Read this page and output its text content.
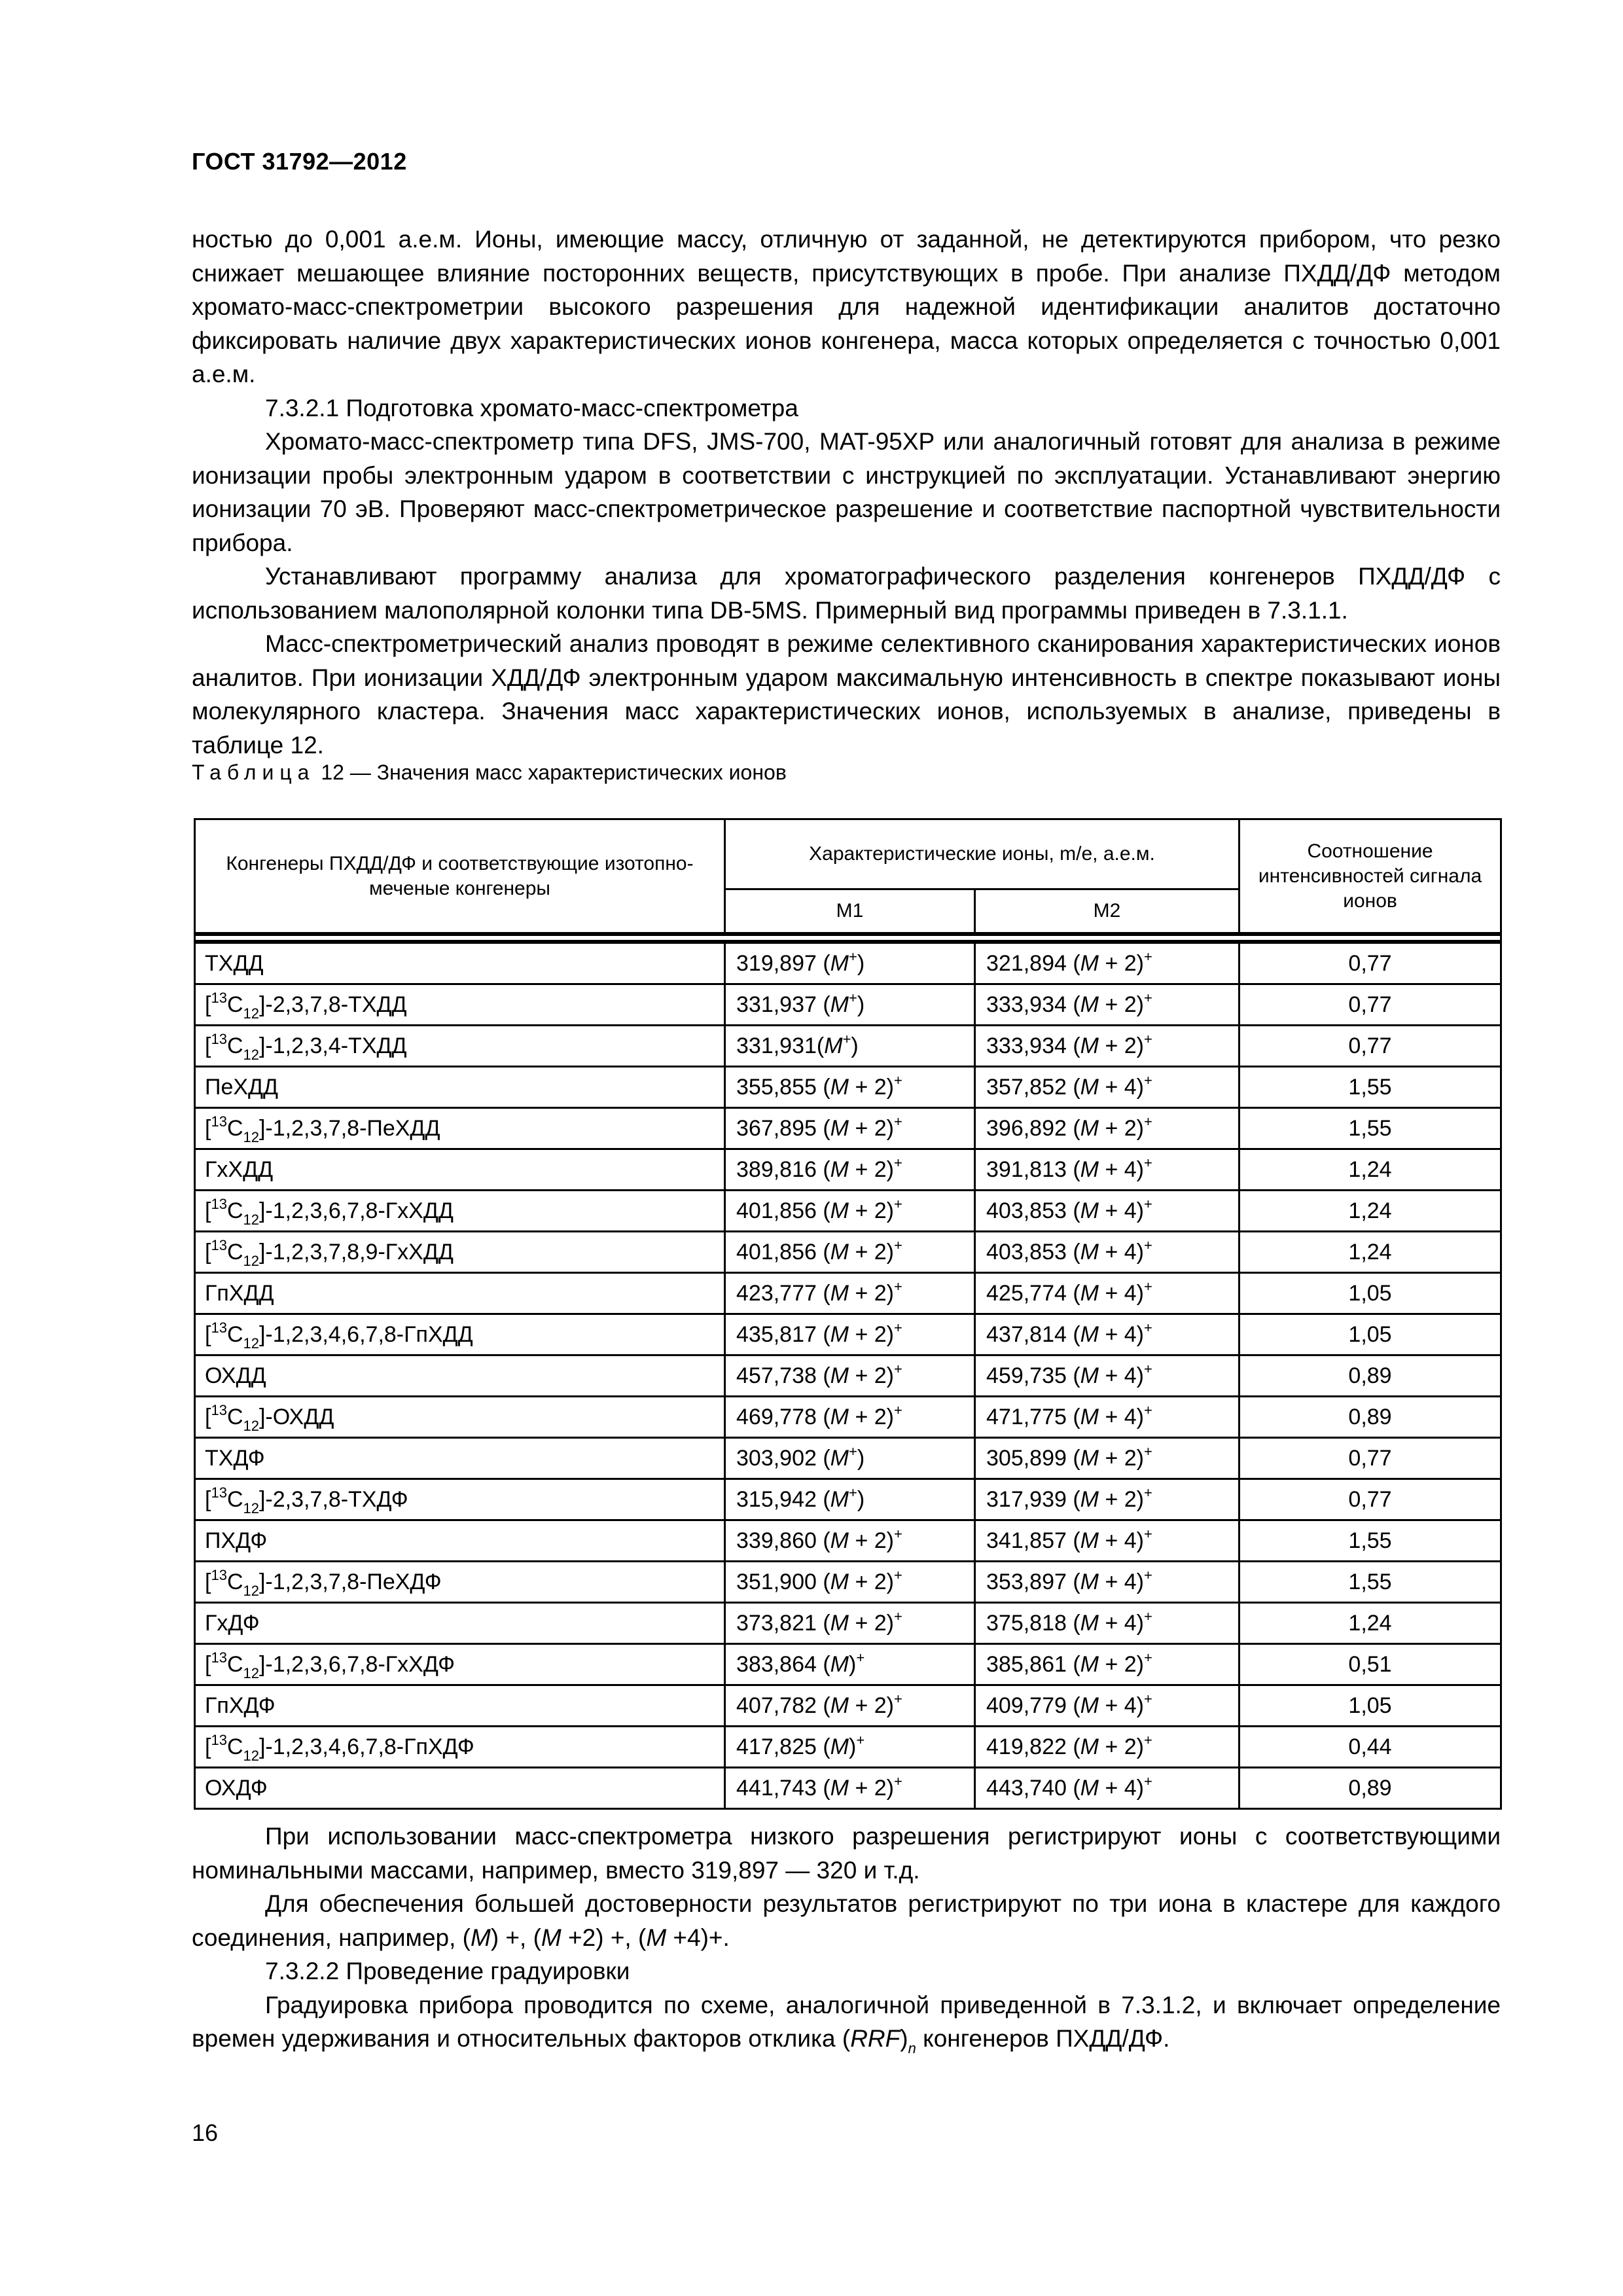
ГОСТ 31792—2012

ностью до 0,001 а.е.м. Ионы, имеющие массу, отличную от заданной, не детектируются прибором, что резко снижает мешающее влияние посторонних веществ, присутствующих в пробе. При анализе ПХДД/ДФ методом хромато-масс-спектрометрии высокого разрешения для надежной идентификации аналитов достаточно фиксировать наличие двух характеристических ионов конгенера, масса которых определяется с точностью 0,001 а.е.м.

7.3.2.1 Подготовка хромато-масс-спектрометра

Хромато-масс-спектрометр типа DFS, JMS-700, MAT-95XP или аналогичный готовят для анализа в режиме ионизации пробы электронным ударом в соответствии с инструкцией по эксплуатации. Устанавливают энергию ионизации 70 эВ. Проверяют масс-спектрометрическое разрешение и соответствие паспортной чувствительности прибора.

Устанавливают программу анализа для хроматографического разделения конгенеров ПХДД/ДФ с использованием малополярной колонки типа DB-5MS. Примерный вид программы приведен в 7.3.1.1.

Масс-спектрометрический анализ проводят в режиме селективного сканирования характеристических ионов аналитов. При ионизации ХДД/ДФ электронным ударом максимальную интенсивность в спектре показывают ионы молекулярного кластера. Значения масс характеристических ионов, используемых в анализе, приведены в таблице 12.

Таблица 12 — Значения масс характеристических ионов
Конгенеры ПХДД/ДФ и соответствующие изотопно-меченые конгенеры	Характеристические ионы, m/e, а.е.м.		Соотношение интенсивностей сигнала ионов
	М1	М2	

ТХДД	319,897 (M+)	321,894 (M + 2)+	0,77
$[^{13}C_{12}]-2,3,7,8$-ТХДД	331,937 (M+)	333,934 (M + 2)+	0,77
$[^{13}C_{12}]-1,2,3,4$-ТХДД	331,931(M+)	333,934 (M + 2)+	0,77
ПеХДД	355,855 (M + 2)+	357,852 (M + 4)+	1,55
$[^{13}C_{12}]-1,2,3,7,8$-ПеХДД	367,895 (M + 2)+	396,892 (M + 2)+	1,55
ГхХДД	389,816 (M + 2)+	391,813 (M + 4)+	1,24
$[^{13}C_{12}]-1,2,3,6,7,8$-ГхХДД	401,856 (M + 2)+	403,853 (M + 4)+	1,24
$[^{13}C_{12}]-1,2,3,7,8,9$-ГхХДД	401,856 (M + 2)+	403,853 (M + 4)+	1,24
ГпХДД	423,777 (M + 2)+	425,774 (M + 4)+	1,05
$[^{13}C_{12}]-1,2,3,4,6,7,8$-ГпХДД	435,817 (M + 2)+	437,814 (M + 4)+	1,05
ОХДД	457,738 (M + 2)+	459,735 (M + 4)+	0,89
$[^{13}C_{12}]$-ОХДД	469,778 (M + 2)+	471,775 (M + 4)+	0,89
ТХДФ	303,902 (M+)	305,899 (M + 2)+	0,77
$[^{13}C_{12}]-2,3,7,8$-ТХДФ	315,942 (M+)	317,939 (M + 2)+	0,77
ПХДФ	339,860 (M + 2)+	341,857 (M + 4)+	1,55
$[^{13}C_{12}]-1,2,3,7,8$-ПеХДФ	351,900 (M + 2)+	353,897 (M + 4)+	1,55
ГхДФ	373,821 (M + 2)+	375,818 (M + 4)+	1,24
$[^{13}C_{12}]-1,2,3,6,7,8$-ГхХДФ	383,864 (M)+	385,861 (M + 2)+	0,51
ГпХДФ	407,782 (M + 2)+	409,779 (M + 4)+	1,05
$[^{13}C_{12}]-1,2,3,4,6,7,8$-ГпХДФ	417,825 (M)+	419,822 (M + 2)+	0,44
ОХДФ	441,743 (M + 2)+	443,740 (M + 4)+	0,89

При использовании масс-спектрометра низкого разрешения регистрируют ионы с соответствующими номинальными массами, например, вместо 319,897 — 320 и т.д.

Для обеспечения большей достоверности результатов регистрируют по три иона в кластере для каждого соединения, например, (M) +, (M +2) +, (M +4)+.

7.3.2.2 Проведение градуировки

Градуировка прибора проводится по схеме, аналогичной приведенной в 7.3.1.2, и включает определение времен удерживания и относительных факторов отклика $(RRF)_n$ конгенеров ПХДД/ДФ.

16
